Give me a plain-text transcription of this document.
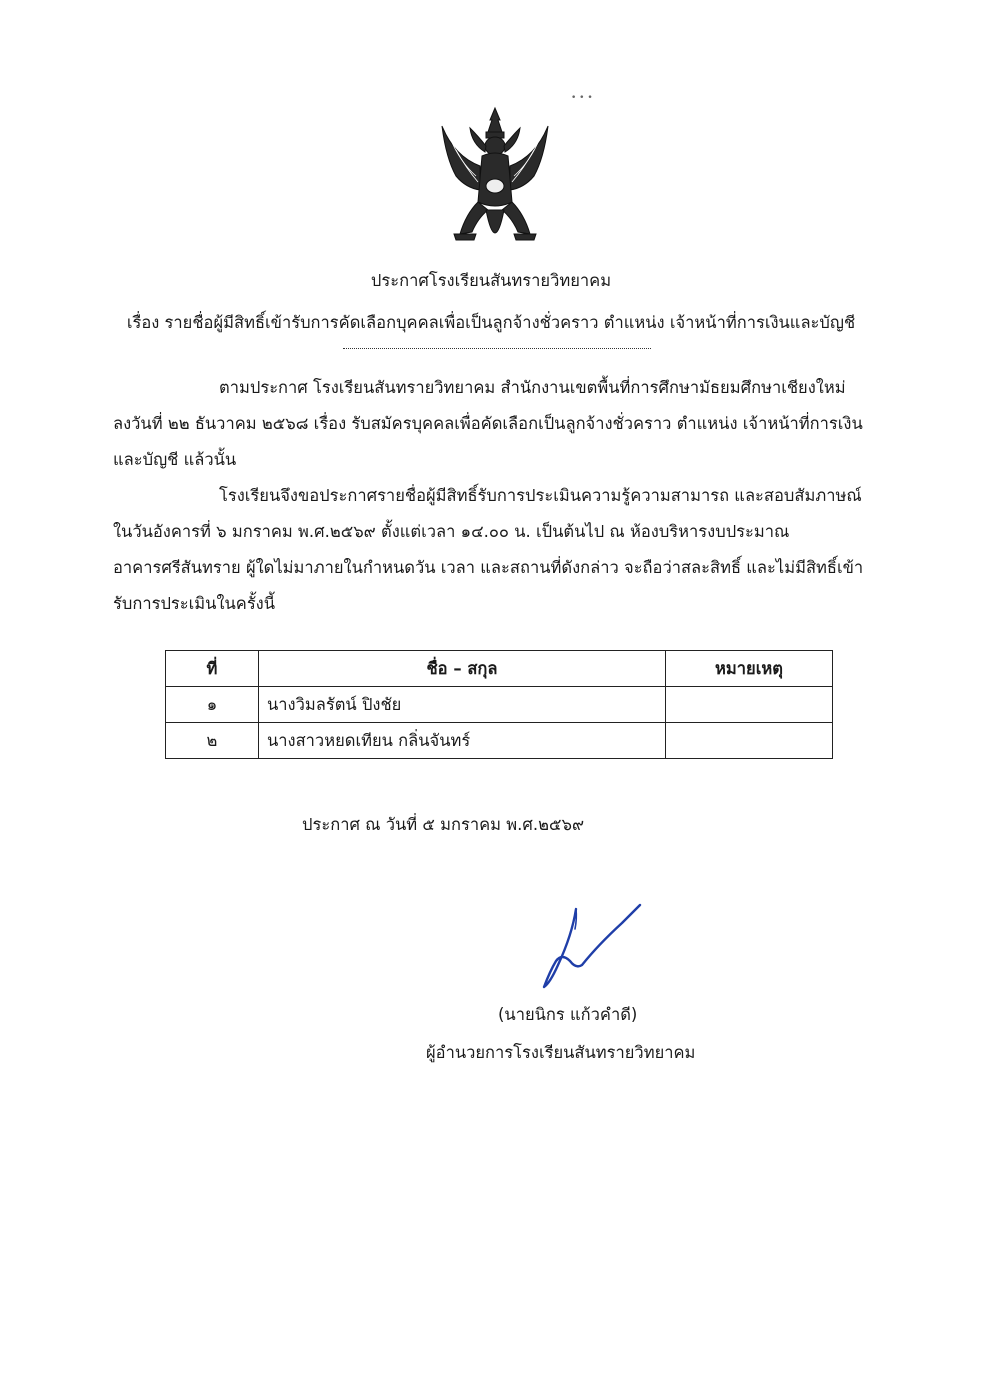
• • •
ประกาศโรงเรียนสันทรายวิทยาคม
เรื่อง รายชื่อผู้มีสิทธิ์เข้ารับการคัดเลือกบุคคลเพื่อเป็นลูกจ้างชั่วคราว ตำแหน่ง เจ้าหน้าที่การเงินและบัญชี
ตามประกาศ โรงเรียนสันทรายวิทยาคม สำนักงานเขตพื้นที่การศึกษามัธยมศึกษาเชียงใหม่
ลงวันที่ ๒๒ ธันวาคม ๒๕๖๘ เรื่อง รับสมัครบุคคลเพื่อคัดเลือกเป็นลูกจ้างชั่วคราว ตำแหน่ง เจ้าหน้าที่การเงิน
และบัญชี แล้วนั้น
โรงเรียนจึงขอประกาศรายชื่อผู้มีสิทธิ์รับการประเมินความรู้ความสามารถ และสอบสัมภาษณ์
ในวันอังคารที่ ๖ มกราคม พ.ศ.๒๕๖๙ ตั้งแต่เวลา ๑๔.๐๐ น. เป็นต้นไป ณ ห้องบริหารงบประมาณ
อาคารศรีสันทราย ผู้ใดไม่มาภายในกำหนดวัน เวลา และสถานที่ดังกล่าว จะถือว่าสละสิทธิ์ และไม่มีสิทธิ์เข้า
รับการประเมินในครั้งนี้
ที่	ชื่อ – สกุล	หมายเหตุ
๑	นางวิมลรัตน์ ปิงชัย	
๒	นางสาวหยดเทียน กลิ่นจันทร์	
ประกาศ ณ วันที่ ๕ มกราคม พ.ศ.๒๕๖๙
(นายนิกร แก้วคำดี)
ผู้อำนวยการโรงเรียนสันทรายวิทยาคม
